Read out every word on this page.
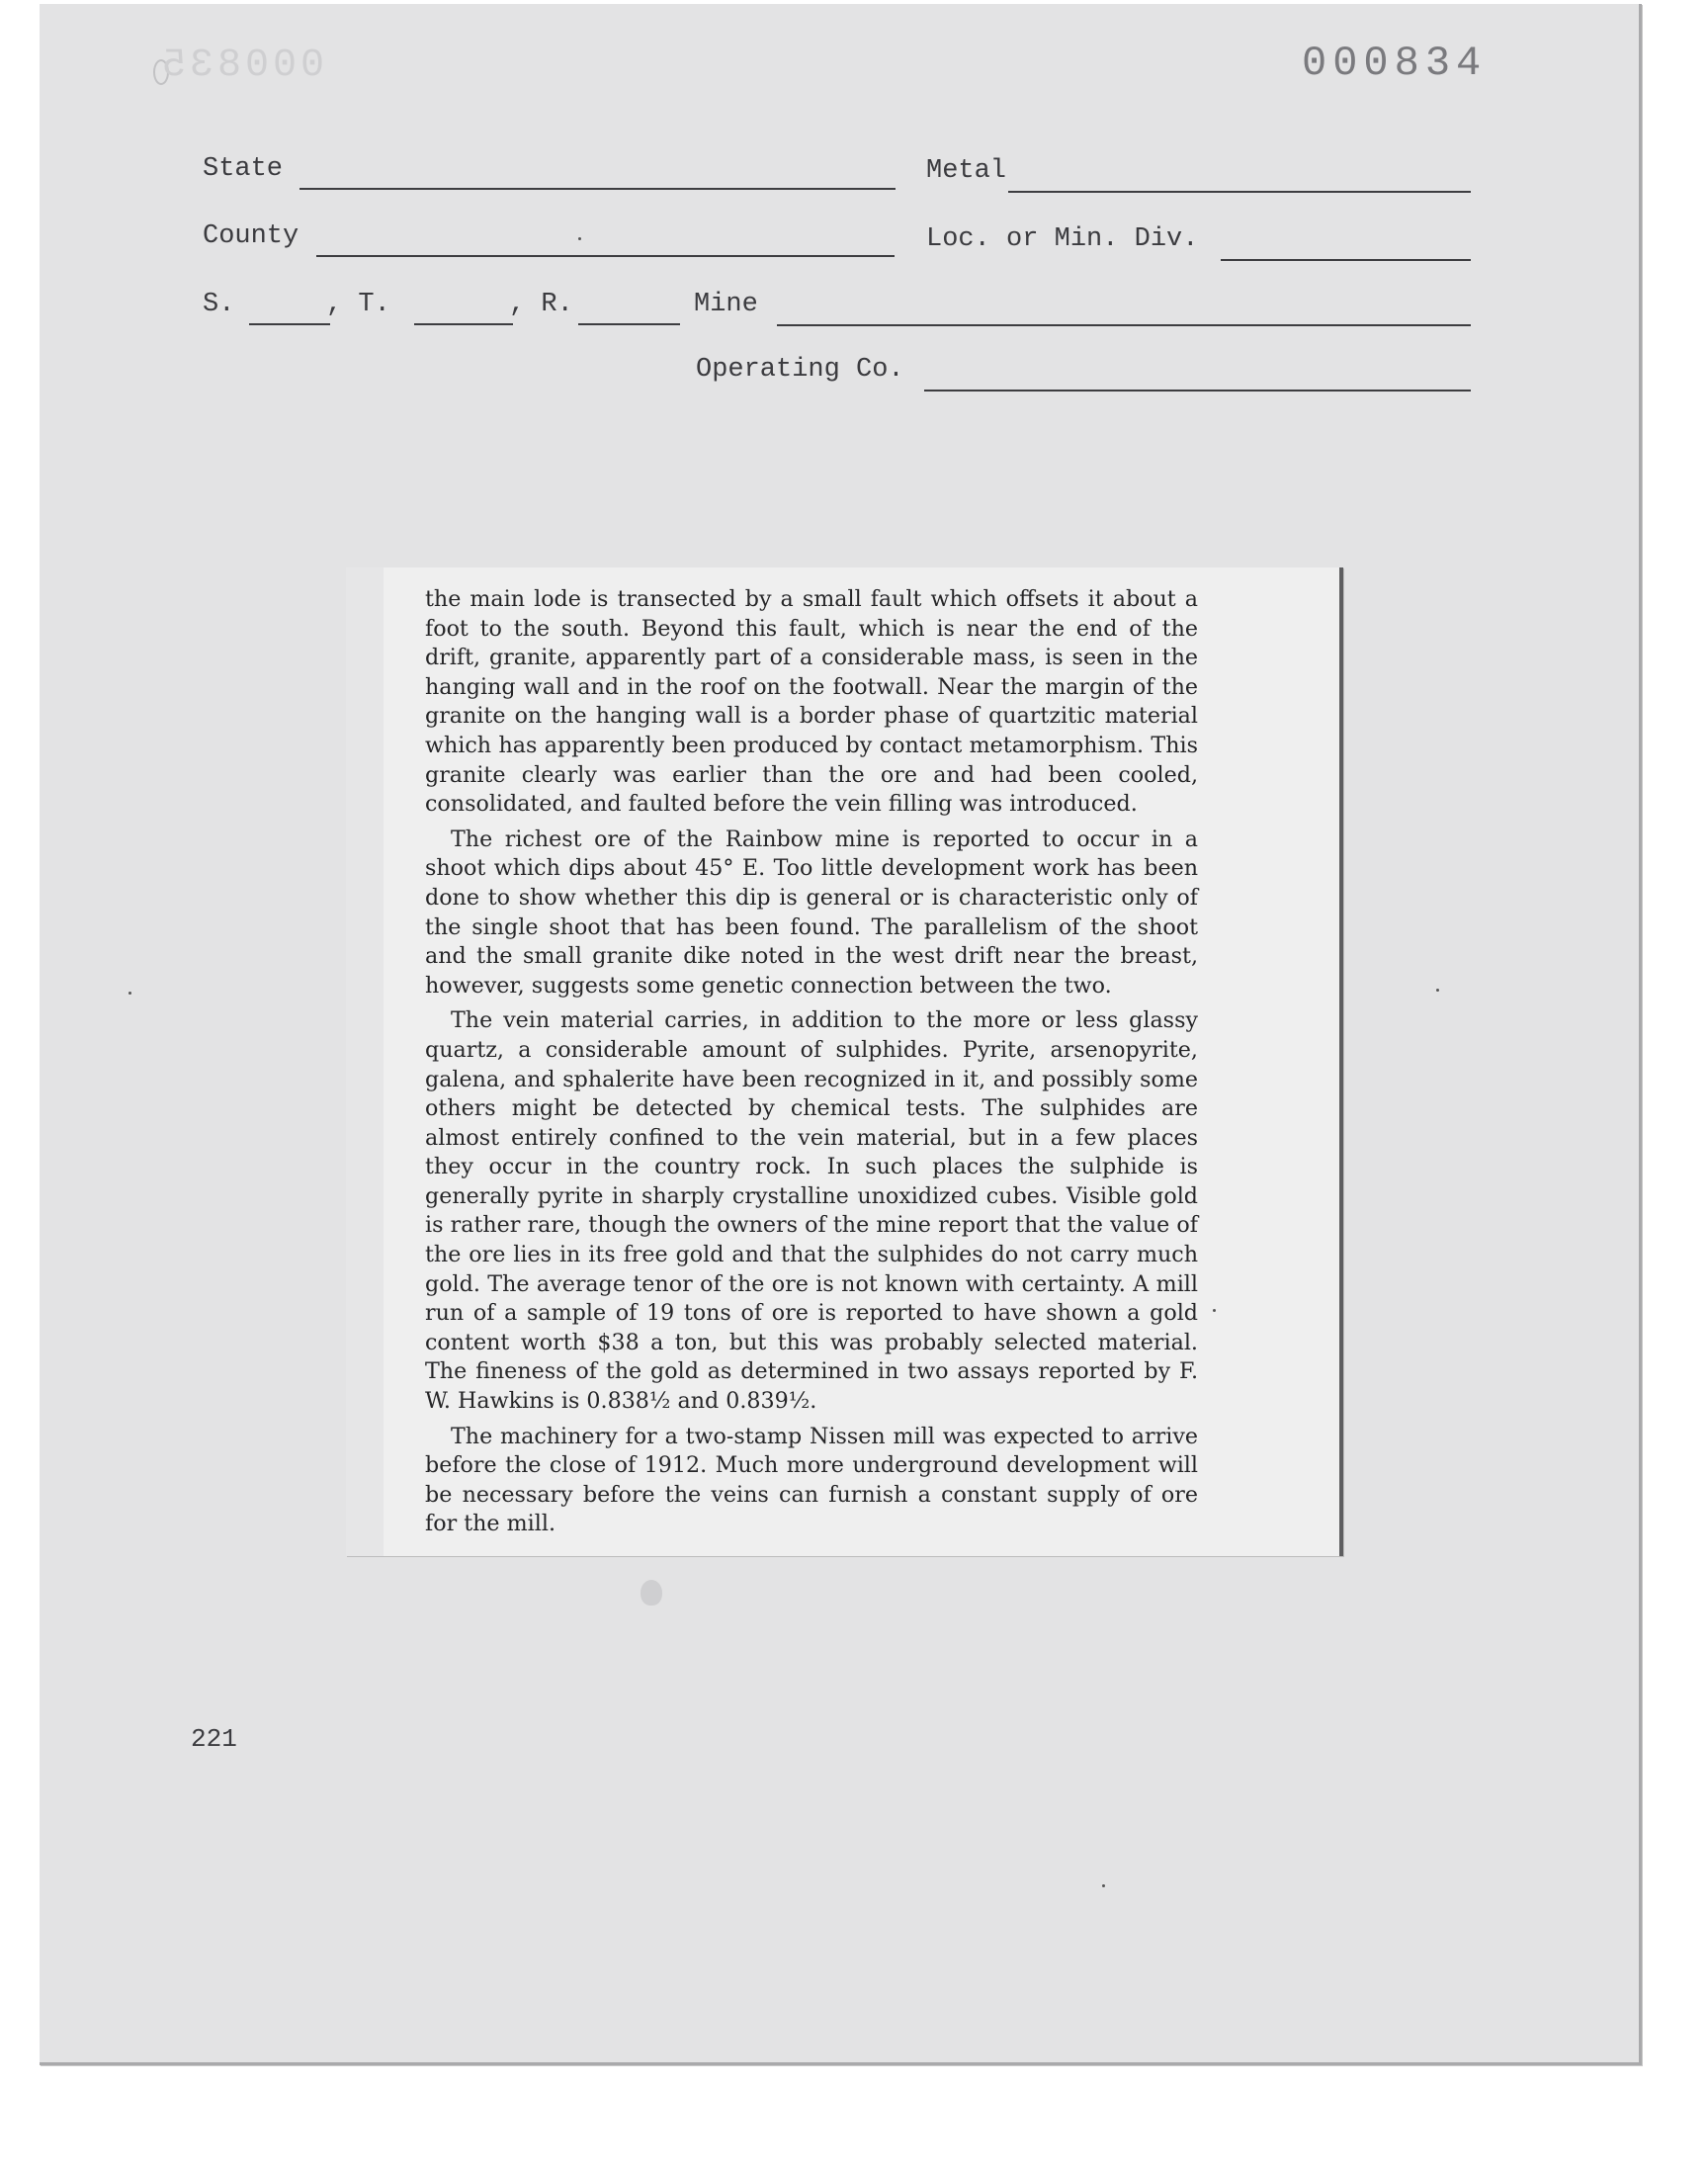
000835	000834
State	Metal
County	Loc. or Min. Div.
S.	, T.	, R.	Mine
Operating Co.

the main lode is transected by a small fault which offsets it about a foot to the south. Beyond this fault, which is near the end of the drift, granite, apparently part of a considerable mass, is seen in the hanging wall and in the roof on the footwall. Near the margin of the granite on the hanging wall is a border phase of quartzitic material which has apparently been produced by contact metamorphism. This granite clearly was earlier than the ore and had been cooled, consolidated, and faulted before the vein filling was introduced.

The richest ore of the Rainbow mine is reported to occur in a shoot which dips about 45° E. Too little development work has been done to show whether this dip is general or is characteristic only of the single shoot that has been found. The parallelism of the shoot and the small granite dike noted in the west drift near the breast, however, suggests some genetic connection between the two.

The vein material carries, in addition to the more or less glassy quartz, a considerable amount of sulphides. Pyrite, arsenopyrite, galena, and sphalerite have been recognized in it, and possibly some others might be detected by chemical tests. The sulphides are almost entirely confined to the vein material, but in a few places they occur in the country rock. In such places the sulphide is generally pyrite in sharply crystalline unoxidized cubes. Visible gold is rather rare, though the owners of the mine report that the value of the ore lies in its free gold and that the sulphides do not carry much gold. The average tenor of the ore is not known with certainty. A mill run of a sample of 19 tons of ore is reported to have shown a gold content worth $38 a ton, but this was probably selected material. The fineness of the gold as determined in two assays reported by F. W. Hawkins is 0.838½ and 0.839½.

The machinery for a two-stamp Nissen mill was expected to arrive before the close of 1912. Much more underground development will be necessary before the veins can furnish a constant supply of ore for the mill.

221
